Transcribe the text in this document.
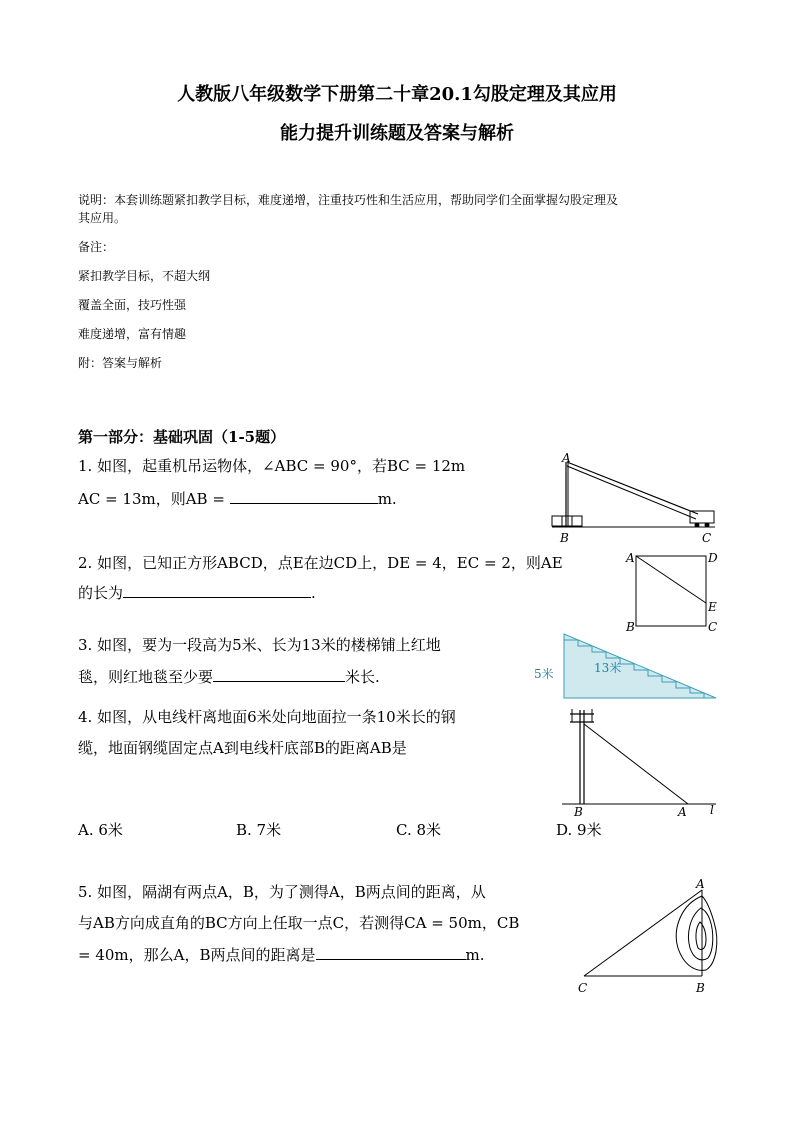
人教版八年级数学下册第二十章20.1勾股定理及其应用
能力提升训练题及答案与解析
说明：本套训练题紧扣教学目标，难度递增，注重技巧性和生活应用，帮助同学们全面掌握勾股定理及
其应用。
备注：
紧扣教学目标，不超大纲
覆盖全面，技巧性强
难度递增，富有情趣
附：答案与解析
第一部分：基础巩固（1-5题）
1. 如图，起重机吊运物体，∠ABC = 90°，若BC = 12m
AC = 13m，则AB =	m.
A
B	C
2. 如图，已知正方形ABCD，点E在边CD上，DE = 4，EC = 2，则AE
的长为	.
A	D
E
B	C
3. 如图，要为一段高为5米、长为13米的楼梯铺上红地
毯，则红地毯至少要	米长.	5米	13米
4. 如图，从电线杆离地面6米处向地面拉一条10米长的钢
缆，地面钢缆固定点A到电线杆底部B的距离AB是
B	A l
A. 6米	B. 7米	C. 8米	D. 9米
5. 如图，隔湖有两点A，B，为了测得A，B两点间的距离，从
与AB方向成直角的BC方向上任取一点C，若测得CA = 50m，CB
= 40m，那么A，B两点间的距离是	m.
A
C	B
